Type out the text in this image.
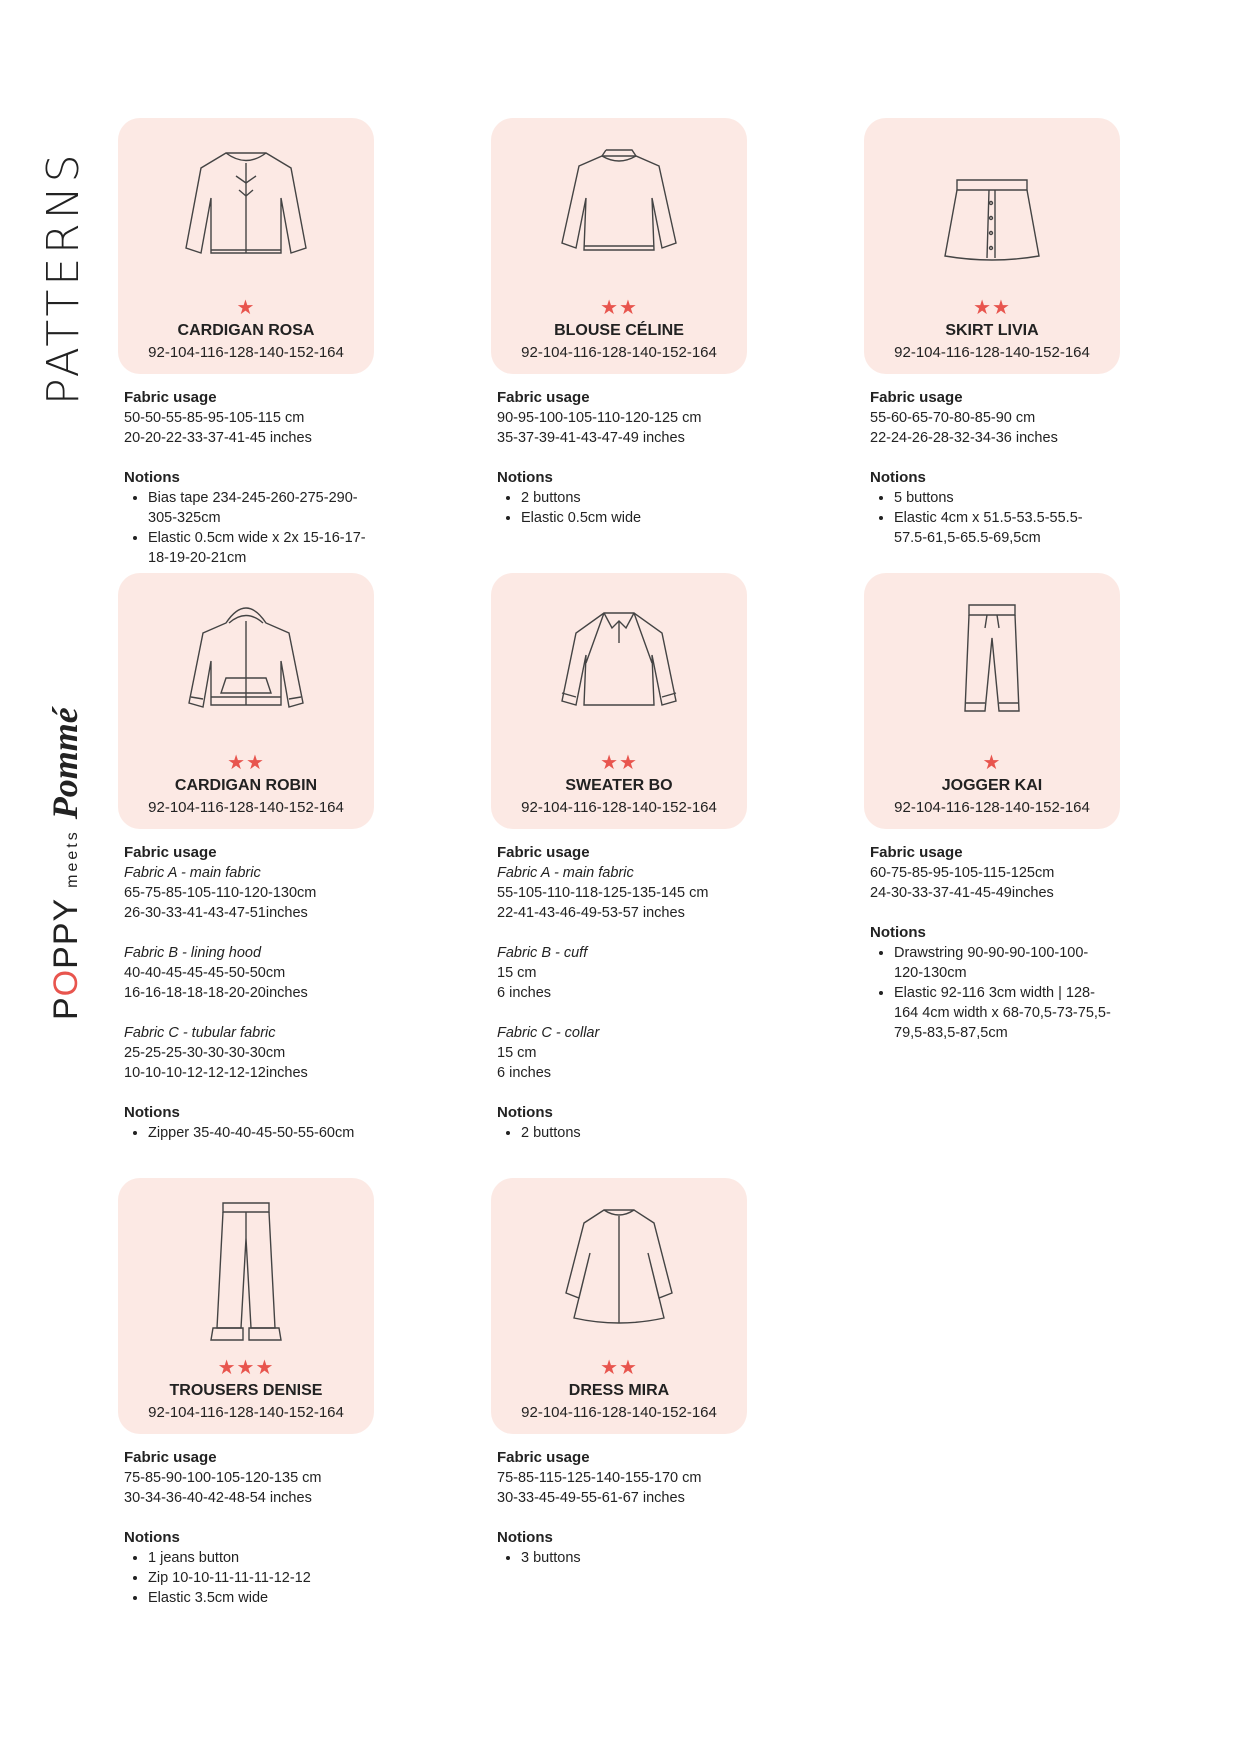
PATTERNS
POPPY
meets
Pommé
★
CARDIGAN ROSA
92-104-116-128-140-152-164
Fabric usage
50-50-55-85-95-105-115 cm
20-20-22-33-37-41-45 inches
Notions
• Bias tape 234-245-260-275-290-305-325cm
• Elastic 0.5cm wide x 2x 15-16-17-18-19-20-21cm
★★
BLOUSE CÉLINE
92-104-116-128-140-152-164
Fabric usage
90-95-100-105-110-120-125 cm
35-37-39-41-43-47-49 inches
Notions
• 2 buttons
• Elastic 0.5cm wide
★★
SKIRT LIVIA
92-104-116-128-140-152-164
Fabric usage
55-60-65-70-80-85-90 cm
22-24-26-28-32-34-36 inches
Notions
• 5 buttons
• Elastic 4cm x 51.5-53.5-55.5-57.5-61,5-65.5-69,5cm
★★
CARDIGAN ROBIN
92-104-116-128-140-152-164
Fabric usage
Fabric A - main fabric
65-75-85-105-110-120-130cm
26-30-33-41-43-47-51inches
Fabric B - lining hood
40-40-45-45-45-50-50cm
16-16-18-18-18-20-20inches
Fabric C - tubular fabric
25-25-25-30-30-30-30cm
10-10-10-12-12-12-12inches
Notions
• Zipper 35-40-40-45-50-55-60cm
★★
SWEATER BO
92-104-116-128-140-152-164
Fabric usage
Fabric A - main fabric
55-105-110-118-125-135-145 cm
22-41-43-46-49-53-57 inches
Fabric B - cuff
15 cm
6 inches
Fabric C - collar
15 cm
6 inches
Notions
• 2 buttons
★
JOGGER KAI
92-104-116-128-140-152-164
Fabric usage
60-75-85-95-105-115-125cm
24-30-33-37-41-45-49inches
Notions
• Drawstring 90-90-90-100-100-120-130cm
• Elastic 92-116 3cm width | 128-164 4cm width x 68-70,5-73-75,5-79,5-83,5-87,5cm
★★★
TROUSERS DENISE
92-104-116-128-140-152-164
Fabric usage
75-85-90-100-105-120-135 cm
30-34-36-40-42-48-54 inches
Notions
• 1 jeans button
• Zip 10-10-11-11-11-12-12
• Elastic 3.5cm wide
★★
DRESS MIRA
92-104-116-128-140-152-164
Fabric usage
75-85-115-125-140-155-170 cm
30-33-45-49-55-61-67 inches
Notions
• 3 buttons
